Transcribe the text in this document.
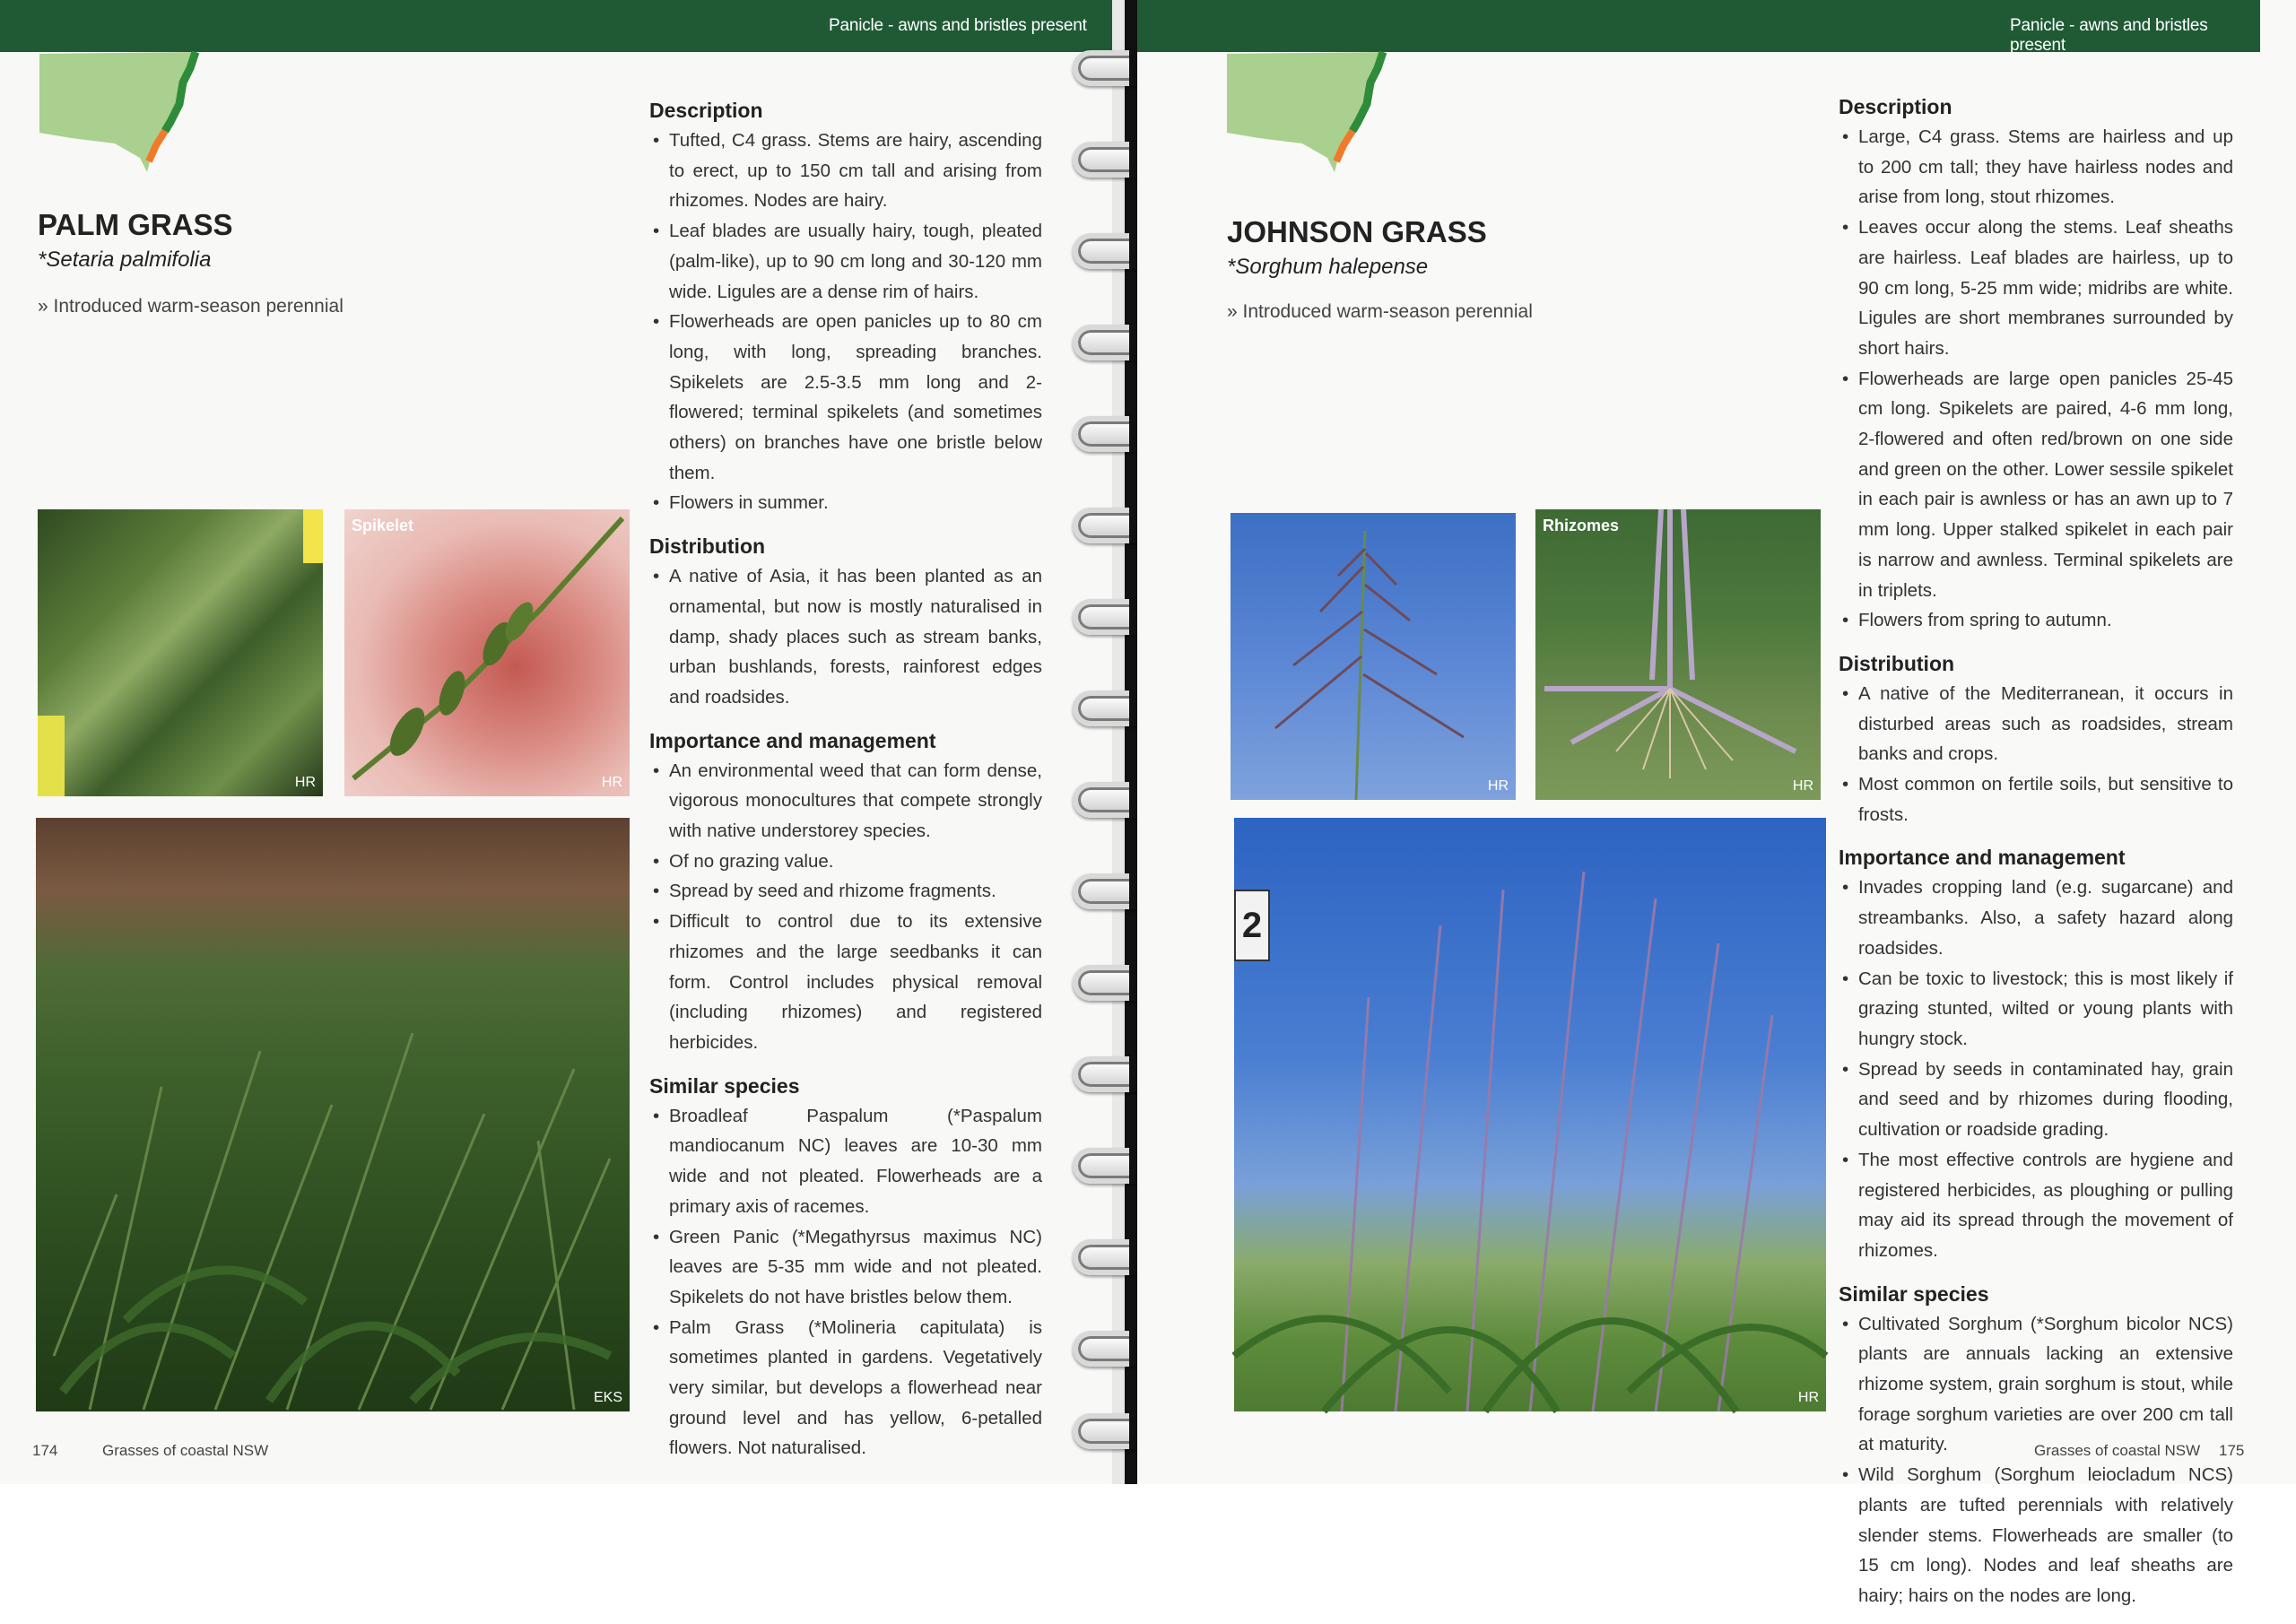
Panicle - awns and bristles present
PALM GRASS
*Setaria palmifolia
» Introduced warm-season perennial
HR
Spikelet
HR
EKS
Description
• Tufted, C4 grass. Stems are hairy, ascending to erect, up to 150 cm tall and arising from rhizomes. Nodes are hairy.
• Leaf blades are usually hairy, tough, pleated (palm-like), up to 90 cm long and 30-120 mm wide. Ligules are a dense rim of hairs.
• Flowerheads are open panicles up to 80 cm long, with long, spreading branches. Spikelets are 2.5-3.5 mm long and 2-flowered; terminal spikelets (and sometimes others) on branches have one bristle below them.
• Flowers in summer.
Distribution
• A native of Asia, it has been planted as an ornamental, but now is mostly naturalised in damp, shady places such as stream banks, urban bushlands, forests, rainforest edges and roadsides.
Importance and management
• An environmental weed that can form dense, vigorous monocultures that compete strongly with native understorey species.
• Of no grazing value.
• Spread by seed and rhizome fragments.
• Difficult to control due to its extensive rhizomes and the large seedbanks it can form. Control includes physical removal (including rhizomes) and registered herbicides.
Similar species
• Broadleaf Paspalum (*Paspalum mandiocanum NC) leaves are 10-30 mm wide and not pleated. Flowerheads are a primary axis of racemes.
• Green Panic (*Megathyrsus maximus NC) leaves are 5-35 mm wide and not pleated. Spikelets do not have bristles below them.
• Palm Grass (*Molineria capitulata) is sometimes planted in gardens. Vegetatively very similar, but develops a flowerhead near ground level and has yellow, 6-petalled flowers. Not naturalised.
174	Grasses of coastal NSW
Panicle - awns and bristles present
JOHNSON GRASS
*Sorghum halepense
» Introduced warm-season perennial
HR
Rhizomes
HR
2
HR
Description
• Large, C4 grass. Stems are hairless and up to 200 cm tall; they have hairless nodes and arise from long, stout rhizomes.
• Leaves occur along the stems. Leaf sheaths are hairless. Leaf blades are hairless, up to 90 cm long, 5-25 mm wide; midribs are white. Ligules are short membranes surrounded by short hairs.
• Flowerheads are large open panicles 25-45 cm long. Spikelets are paired, 4-6 mm long, 2-flowered and often red/brown on one side and green on the other. Lower sessile spikelet in each pair is awnless or has an awn up to 7 mm long. Upper stalked spikelet in each pair is narrow and awnless. Terminal spikelets are in triplets.
• Flowers from spring to autumn.
Distribution
• A native of the Mediterranean, it occurs in disturbed areas such as roadsides, stream banks and crops.
• Most common on fertile soils, but sensitive to frosts.
Importance and management
• Invades cropping land (e.g. sugarcane) and streambanks. Also, a safety hazard along roadsides.
• Can be toxic to livestock; this is most likely if grazing stunted, wilted or young plants with hungry stock.
• Spread by seeds in contaminated hay, grain and seed and by rhizomes during flooding, cultivation or roadside grading.
• The most effective controls are hygiene and registered herbicides, as ploughing or pulling may aid its spread through the movement of rhizomes.
Similar species
• Cultivated Sorghum (*Sorghum bicolor NCS) plants are annuals lacking an extensive rhizome system, grain sorghum is stout, while forage sorghum varieties are over 200 cm tall at maturity.
• Wild Sorghum (Sorghum leiocladum NCS) plants are tufted perennials with relatively slender stems. Flowerheads are smaller (to 15 cm long). Nodes and leaf sheaths are hairy; hairs on the nodes are long.
Grasses of coastal NSW 175
